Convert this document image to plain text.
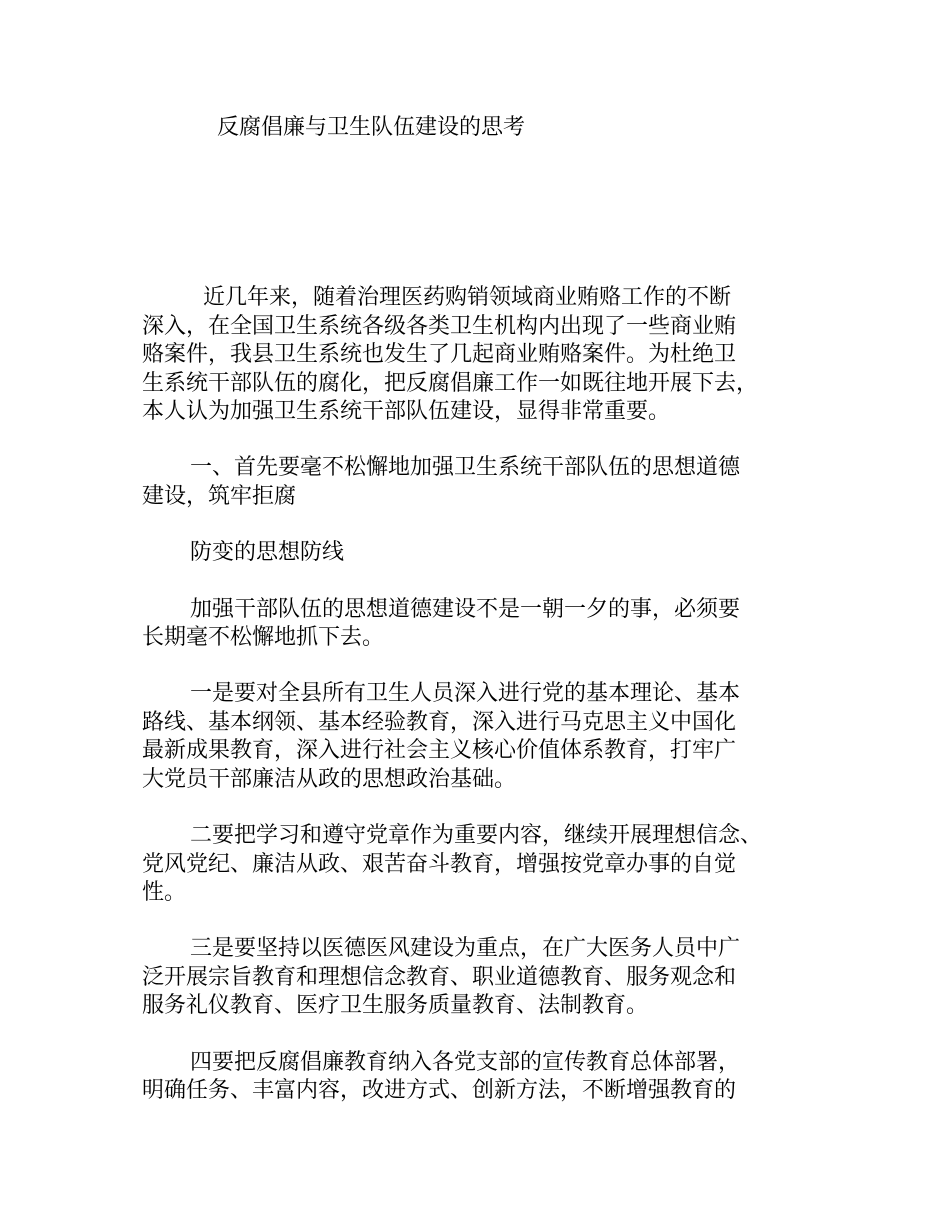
反腐倡廉与卫生队伍建设的思考

近几年来，随着治理医药购销领域商业贿赂工作的不断

深入，在全国卫生系统各级各类卫生机构内出现了一些商业贿

赂案件，我县卫生系统也发生了几起商业贿赂案件。为杜绝卫

生系统干部队伍的腐化，把反腐倡廉工作一如既往地开展下去，

本人认为加强卫生系统干部队伍建设，显得非常重要。

一、首先要毫不松懈地加强卫生系统干部队伍的思想道德

建设，筑牢拒腐

防变的思想防线

加强干部队伍的思想道德建设不是一朝一夕的事，必须要

长期毫不松懈地抓下去。

一是要对全县所有卫生人员深入进行党的基本理论、基本

路线、基本纲领、基本经验教育，深入进行马克思主义中国化

最新成果教育，深入进行社会主义核心价值体系教育，打牢广

大党员干部廉洁从政的思想政治基础。

二要把学习和遵守党章作为重要内容，继续开展理想信念、

党风党纪、廉洁从政、艰苦奋斗教育，增强按党章办事的自觉

性。

三是要坚持以医德医风建设为重点，在广大医务人员中广

泛开展宗旨教育和理想信念教育、职业道德教育、服务观念和

服务礼仪教育、医疗卫生服务质量教育、法制教育。

四要把反腐倡廉教育纳入各党支部的宣传教育总体部署，

明确任务、丰富内容，改进方式、创新方法，不断增强教育的
